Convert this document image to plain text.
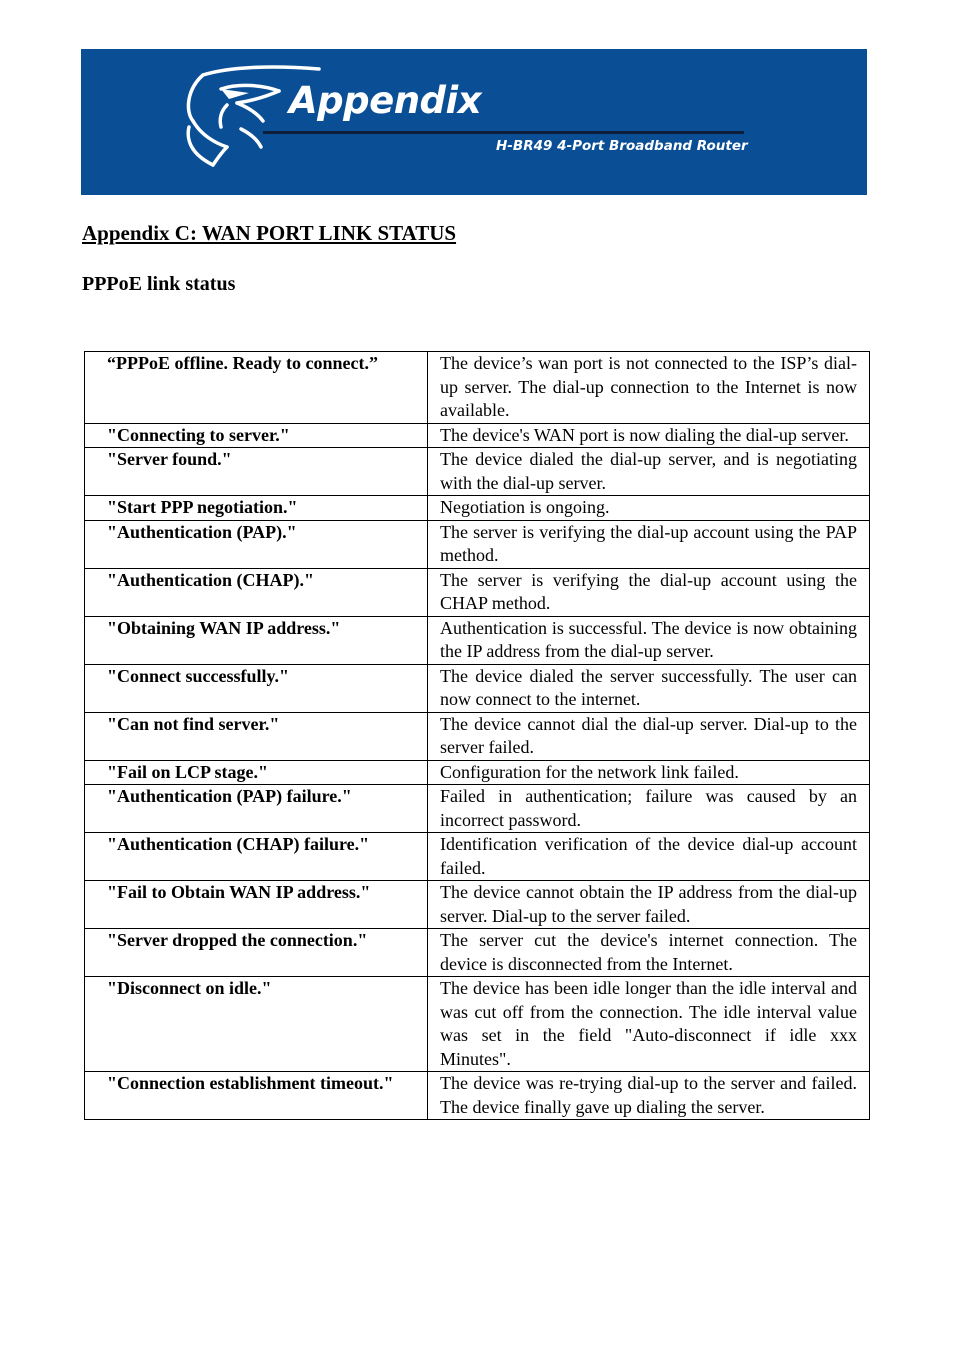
Appendix
H-BR49 4-Port Broadband Router
Appendix C: WAN PORT LINK STATUS
PPPoE link status
“PPPoE offline. Ready to connect.”	The device’s wan port is not connected to the ISP’s dial-up server. The dial-up connection to the Internet is now available.

"Connecting to server."	The device's WAN port is now dialing the dial-up server.

"Server found."	The device dialed the dial-up server, and is negotiating with the dial-up server.

"Start PPP negotiation."	Negotiation is ongoing.

"Authentication (PAP)."	The server is verifying the dial-up account using the PAP method.

"Authentication (CHAP)."	The server is verifying the dial-up account using the CHAP method.

"Obtaining WAN IP address."	Authentication is successful. The device is now obtaining the IP address from the dial-up server.

"Connect successfully."	The device dialed the server successfully. The user can now connect to the internet.

"Can not find server."	The device cannot dial the dial-up server. Dial-up to the server failed.

"Fail on LCP stage."	Configuration for the network link failed.

"Authentication (PAP) failure."	Failed in authentication; failure was caused by an incorrect password.

"Authentication (CHAP) failure."	Identification verification of the device dial-up account failed.

"Fail to Obtain WAN IP address."	The device cannot obtain the IP address from the dial-up server. Dial-up to the server failed.

"Server dropped the connection."	The server cut the device's internet connection. The device is disconnected from the Internet.

"Disconnect on idle."	The device has been idle longer than the idle interval and was cut off from the connection. The idle interval value was set in the field "Auto-disconnect if idle xxx Minutes".

"Connection establishment timeout."	The device was re-trying dial-up to the server and failed. The device finally gave up dialing the server.
